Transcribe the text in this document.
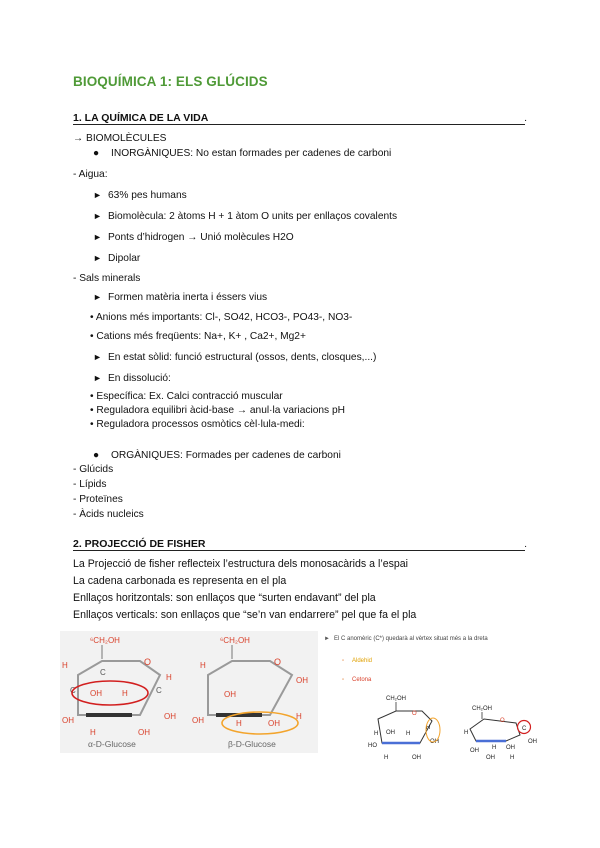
BIOQUÍMICA 1: ELS GLÚCIDS
1. LA QUÍMICA DE LA VIDA	.
→ BIOMOLÈCULES
● INORGÀNIQUES: No estan formades per cadenes de carboni
- Aigua:
► 63% pes humans
► Biomolècula: 2 àtoms H + 1 àtom O units per enllaços covalents
► Ponts d’hidrogen → Unió molècules H2O
► Dipolar
- Sals minerals
► Formen matèria inerta i éssers vius
• Anions més importants: Cl-, SO42, HCO3-, PO43-, NO3-
• Cations més freqüents: Na+, K+ , Ca2+, Mg2+
► En estat sòlid: funció estructural (ossos, dents, closques,...)
► En dissolució:
• Específica: Ex. Calci contracció muscular
• Reguladora equilibri àcid-base → anul·la variacions pH
• Reguladora processos osmòtics cèl·lula-medi:
● ORGÀNIQUES: Formades per cadenes de carboni
- Glúcids
- Lípids
- Proteïnes
- Àcids nucleics
2. PROJECCIÓ DE FISHER	.
La Projecció de fisher reflecteix l’estructura dels monosacàrids a l’espai
La cadena carbonada es representa en el pla
Enllaços horitzontals: son enllaços que “surten endavant” del pla
Enllaços verticals: son enllaços que “se’n van endarrere” pel que fa el pla
⁶CH₂OH
O
C
C
C
H
OH
H	OH
OH
H
OH	H
α-D-Glucose
⁶CH₂OH
O
H
OH
OH
OH
H
H	OH
β-D-Glucose
► El C anomèric (C*) quedarà al vèrtex situat més a la dreta
▫ Aldehid
▫ Cetona
CH₂OH
O
H
HO
OH H
H
OH
H	OH
CH₂OH
O
C
H
OH H OH
OH
OH	H
